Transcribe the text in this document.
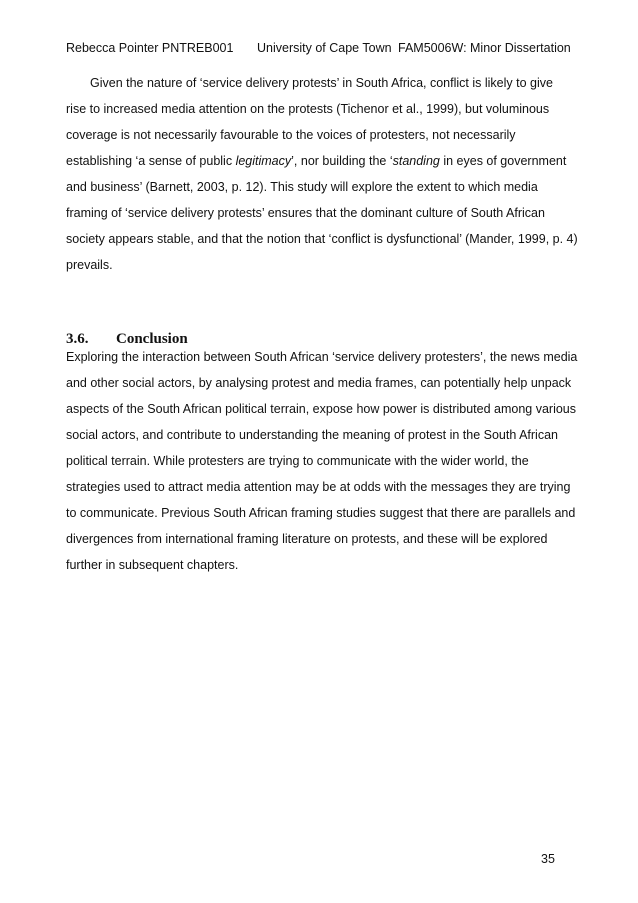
Rebecca Pointer PNTREB001 University of Cape Town FAM5006W: Minor Dissertation
Given the nature of ‘service delivery protests’ in South Africa, conflict is likely to give
rise to increased media attention on the protests (Tichenor et al., 1999), but voluminous
coverage is not necessarily favourable to the voices of protesters, not necessarily
establishing ‘a sense of public legitimacy’, nor building the ‘standing in eyes of government
and business’ (Barnett, 2003, p. 12). This study will explore the extent to which media
framing of ‘service delivery protests’ ensures that the dominant culture of South African
society appears stable, and that the notion that ‘conflict is dysfunctional’ (Mander, 1999, p. 4)
prevails.
3.6. Conclusion
Exploring the interaction between South African ‘service delivery protesters’, the news media
and other social actors, by analysing protest and media frames, can potentially help unpack
aspects of the South African political terrain, expose how power is distributed among various
social actors, and contribute to understanding the meaning of protest in the South African
political terrain. While protesters are trying to communicate with the wider world, the
strategies used to attract media attention may be at odds with the messages they are trying
to communicate. Previous South African framing studies suggest that there are parallels and
divergences from international framing literature on protests, and these will be explored
further in subsequent chapters.
35
